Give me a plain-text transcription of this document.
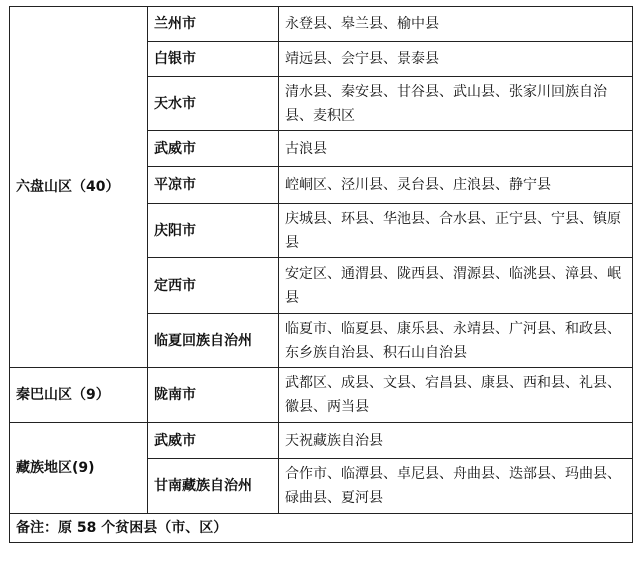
六盘山区（40）	兰州市	永登县、皋兰县、榆中县
	白银市	靖远县、会宁县、景泰县
	天水市	清水县、秦安县、甘谷县、武山县、张家川回族自治县、麦积区
	武威市	古浪县
	平凉市	崆峒区、泾川县、灵台县、庄浪县、静宁县
	庆阳市	庆城县、环县、华池县、合水县、正宁县、宁县、镇原县
	定西市	安定区、通渭县、陇西县、渭源县、临洮县、漳县、岷县
	临夏回族自治州	临夏市、临夏县、康乐县、永靖县、广河县、和政县、东乡族自治县、积石山自治县
秦巴山区（9）	陇南市	武都区、成县、文县、宕昌县、康县、西和县、礼县、徽县、两当县
藏族地区(9)	武威市	天祝藏族自治县
	甘南藏族自治州	合作市、临潭县、卓尼县、舟曲县、迭部县、玛曲县、碌曲县、夏河县
备注：原 58 个贫困县（市、区）		
